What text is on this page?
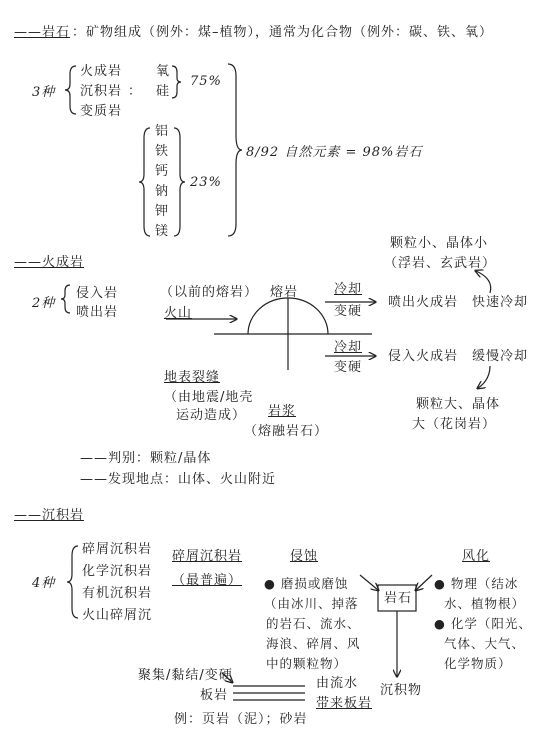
——岩石 ：矿物组成（例外：煤–植物），通常为化合物（例外：碳、铁、氧）
3种
火成岩
沉积岩
变质岩
：
氧
硅
75%
铝
铁
钙
钠
钾
镁
23%
8/92 自然元素 = 98%岩石
——火成岩
2种
侵入岩
喷出岩
（以前的熔岩） 熔岩
火山
冷却
变硬
喷出火成岩 快速冷却
颗粒小、晶体小
（浮岩、玄武岩）
冷却
变硬
侵入火成岩 缓慢冷却
颗粒大、晶体
大（花岗岩）
地表裂缝
（由地震/地壳
运动造成） 岩浆
（熔融岩石）
——判别：颗粒/晶体
——发现地点：山体、火山附近
——沉积岩
4种
碎屑沉积岩
化学沉积岩
有机沉积岩
火山碎屑沉
碎屑沉积岩
（最普遍）
侵蚀	风化
● 磨损或磨蚀
（由冰川、掉落
的岩石、流水、
海浪、碎屑、风
中的颗粒物）
● 物理（结冰
水、植物根）
● 化学（阳光、
气体、大气、
化学物质）
岩石
沉积物
由流水
带来板岩
聚集/黏结/变硬
板岩
例：页岩（泥）；砂岩
